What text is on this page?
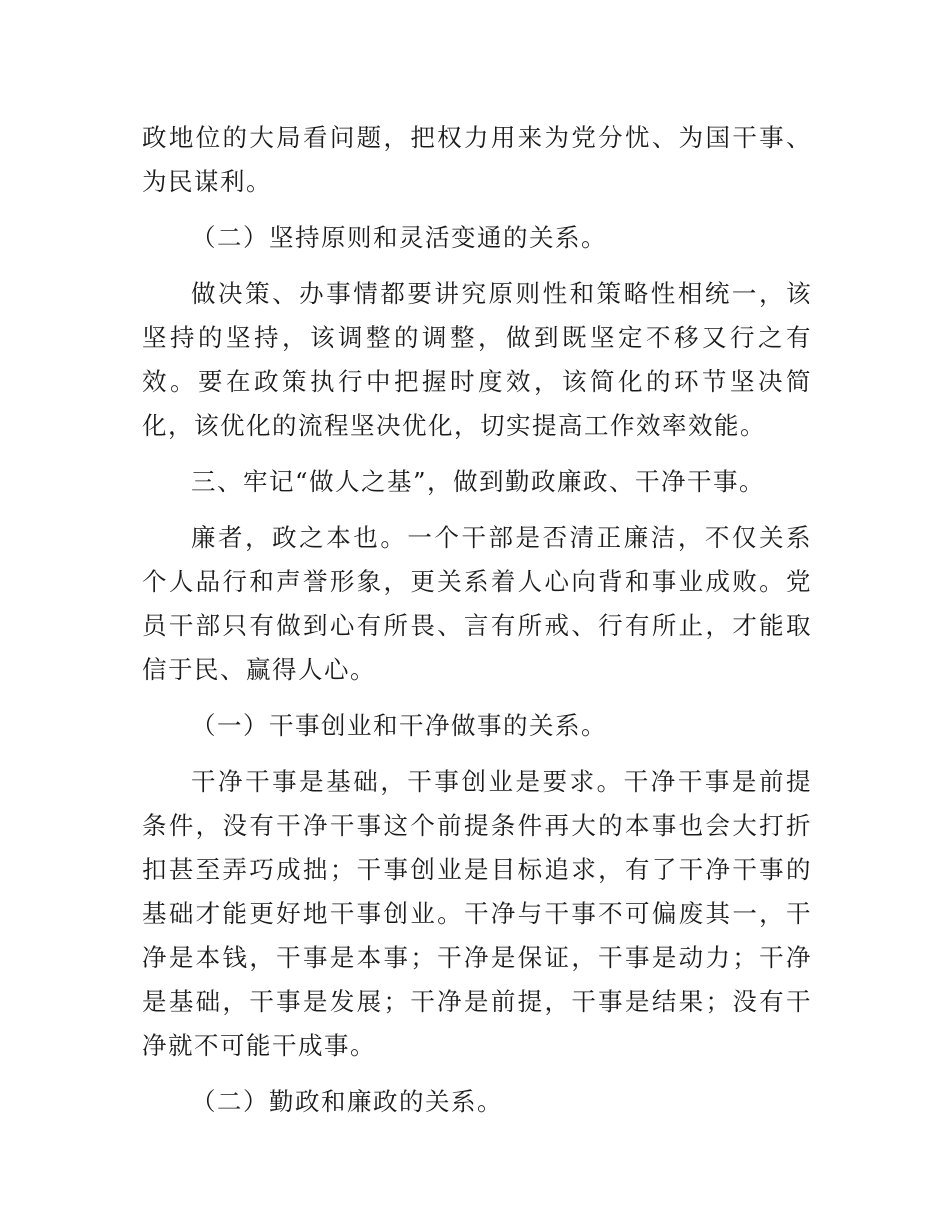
政地位的大局看问题，把权力用来为党分忧、为国干事、为民谋利。

（二）坚持原则和灵活变通的关系。

做决策、办事情都要讲究原则性和策略性相统一，该坚持的坚持，该调整的调整，做到既坚定不移又行之有效。要在政策执行中把握时度效，该简化的环节坚决简化，该优化的流程坚决优化，切实提高工作效率效能。

三、牢记“做人之基”，做到勤政廉政、干净干事。

廉者，政之本也。一个干部是否清正廉洁，不仅关系个人品行和声誉形象，更关系着人心向背和事业成败。党员干部只有做到心有所畏、言有所戒、行有所止，才能取信于民、赢得人心。

（一）干事创业和干净做事的关系。

干净干事是基础，干事创业是要求。干净干事是前提条件，没有干净干事这个前提条件再大的本事也会大打折扣甚至弄巧成拙；干事创业是目标追求，有了干净干事的基础才能更好地干事创业。干净与干事不可偏废其一，干净是本钱，干事是本事；干净是保证，干事是动力；干净是基础，干事是发展；干净是前提，干事是结果；没有干净就不可能干成事。

（二）勤政和廉政的关系。
